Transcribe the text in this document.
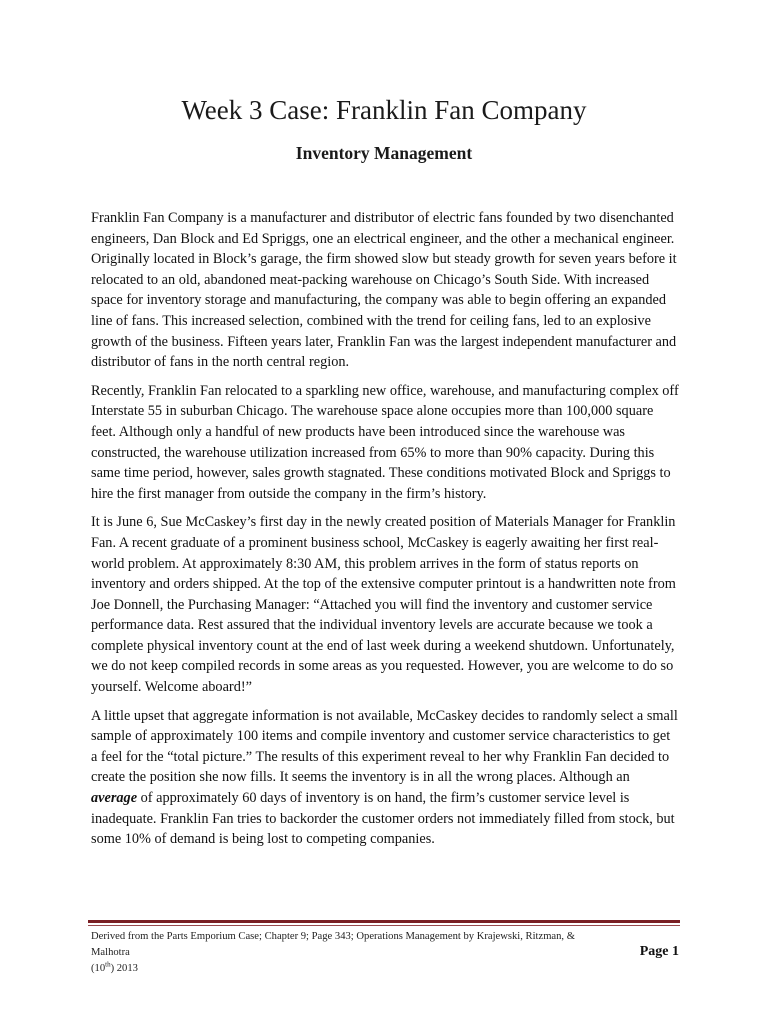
Week 3 Case: Franklin Fan Company
Inventory Management

Franklin Fan Company is a manufacturer and distributor of electric fans founded by two disenchanted engineers, Dan Block and Ed Spriggs, one an electrical engineer, and the other a mechanical engineer. Originally located in Block’s garage, the firm showed slow but steady growth for seven years before it relocated to an old, abandoned meat-packing warehouse on Chicago’s South Side. With increased space for inventory storage and manufacturing, the company was able to begin offering an expanded line of fans. This increased selection, combined with the trend for ceiling fans, led to an explosive growth of the business. Fifteen years later, Franklin Fan was the largest independent manufacturer and distributor of fans in the north central region.

Recently, Franklin Fan relocated to a sparkling new office, warehouse, and manufacturing complex off Interstate 55 in suburban Chicago. The warehouse space alone occupies more than 100,000 square feet. Although only a handful of new products have been introduced since the warehouse was constructed, the warehouse utilization increased from 65% to more than 90% capacity. During this same time period, however, sales growth stagnated. These conditions motivated Block and Spriggs to hire the first manager from outside the company in the firm’s history.

It is June 6, Sue McCaskey’s first day in the newly created position of Materials Manager for Franklin Fan. A recent graduate of a prominent business school, McCaskey is eagerly awaiting her first real-world problem. At approximately 8:30 AM, this problem arrives in the form of status reports on inventory and orders shipped. At the top of the extensive computer printout is a handwritten note from Joe Donnell, the Purchasing Manager: “Attached you will find the inventory and customer service performance data. Rest assured that the individual inventory levels are accurate because we took a complete physical inventory count at the end of last week during a weekend shutdown. Unfortunately, we do not keep compiled records in some areas as you requested. However, you are welcome to do so yourself. Welcome aboard!”

A little upset that aggregate information is not available, McCaskey decides to randomly select a small sample of approximately 100 items and compile inventory and customer service characteristics to get a feel for the “total picture.” The results of this experiment reveal to her why Franklin Fan decided to create the position she now fills. It seems the inventory is in all the wrong places. Although an average of approximately 60 days of inventory is on hand, the firm’s customer service level is inadequate. Franklin Fan tries to backorder the customer orders not immediately filled from stock, but some 10% of demand is being lost to competing companies.

Derived from the Parts Emporium Case; Chapter 9; Page 343; Operations Management by Krajewski, Ritzman, & Malhotra
(10th) 2013
Page 1
